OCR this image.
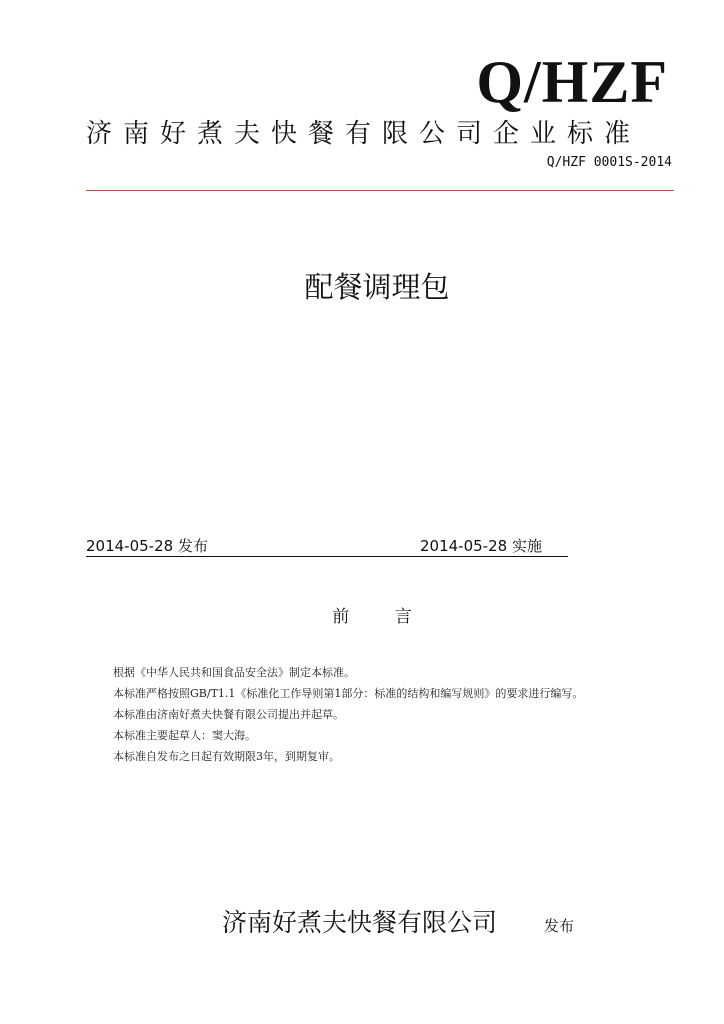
Q/HZF
济南好煮夫快餐有限公司企业标准
Q/HZF 0001S-2014
配餐调理包
2014-05-28 发布	2014-05-28 实施
前 言

根据《中华人民共和国食品安全法》制定本标准。

本标准严格按照GB/T1.1《标准化工作导则第1部分：标准的结构和编写规则》的要求进行编写。

本标准由济南好煮夫快餐有限公司提出并起草。

本标准主要起草人：窦大海。

本标准自发布之日起有效期限3年，到期复审。

济南好煮夫快餐有限公司	发布
